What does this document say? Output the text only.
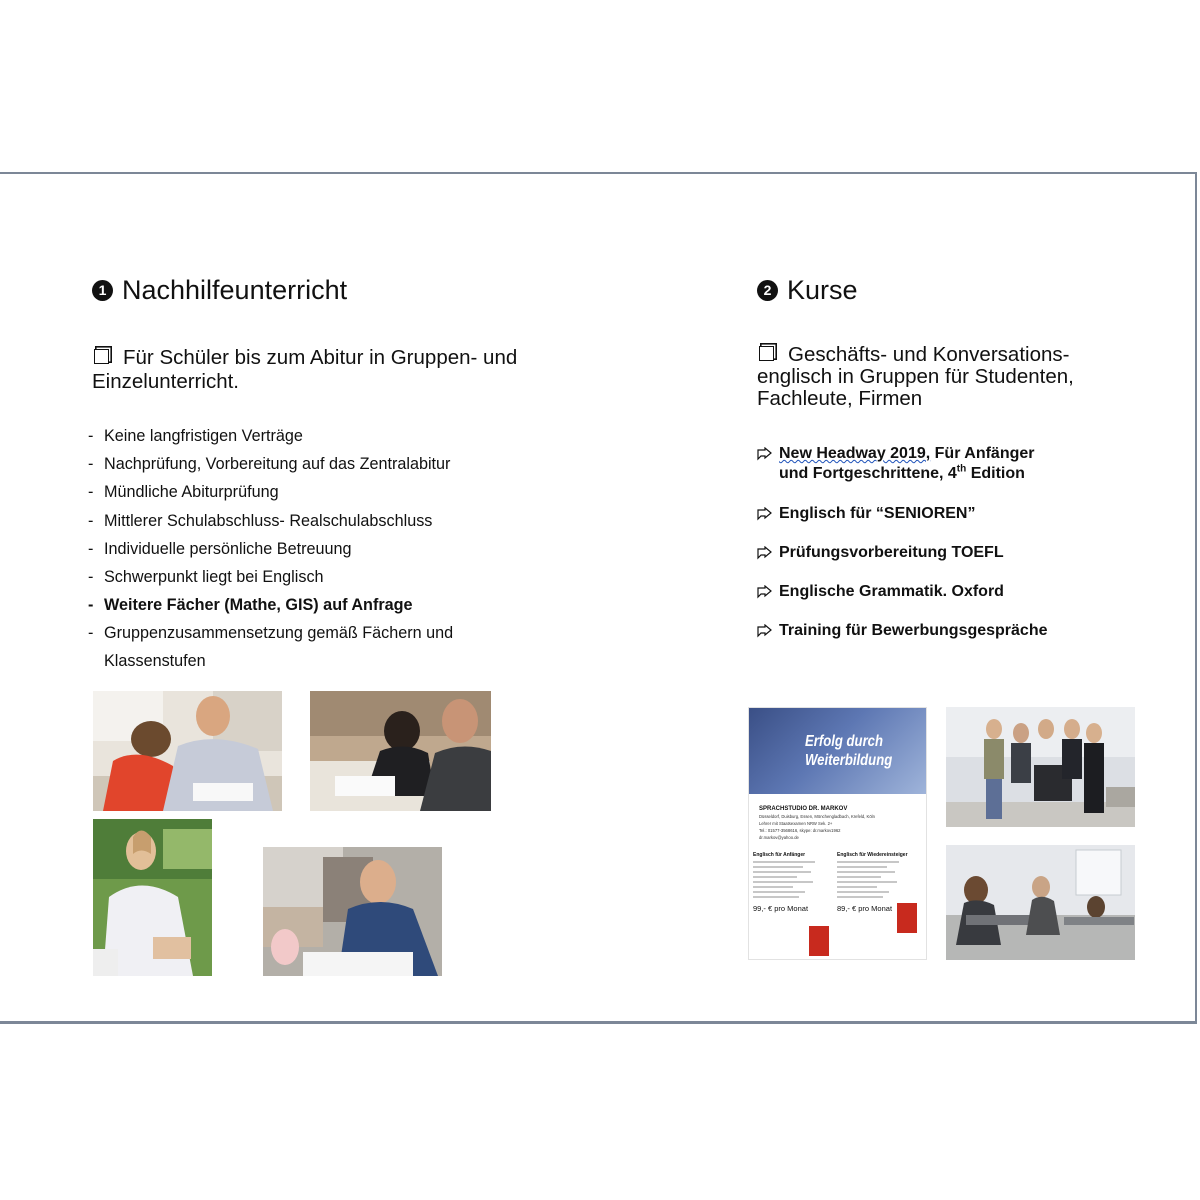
1 Nachhilfeunterricht

Für Schüler bis zum Abitur in Gruppen- und Einzelunterricht.

- Keine langfristigen Verträge
- Nachprüfung, Vorbereitung auf das Zentralabitur
- Mündliche Abiturprüfung
- Mittlerer Schulabschluss- Realschulabschluss
- Individuelle persönliche Betreuung
- Schwerpunkt liegt bei Englisch
- Weitere Fächer (Mathe, GIS) auf Anfrage
- Gruppenzusammensetzung gemäß Fächern und Klassenstufen
2 Kurse

Geschäfts- und Konversations-englisch in Gruppen für Studenten, Fachleute, Firmen

New Headway 2019, Für Anfänger
und Fortgeschrittene, 4th Edition
Englisch für “SENIOREN”
Prüfungsvorbereitung TOEFL
Englische Grammatik. Oxford
Training für Bewerbungsgespräche
Erfolg durch
Weiterbildung
SPRACHSTUDIO DR. MARKOV
Düsseldorf, Duisburg, Essen, Mönchengladbach, Krefeld, Köln
Lehrer mit Staatsexamen NRW Sek. 2+
Tel.: 01577-3568616, skype: dr.markov1962
dr.markov@yahoo.de
Englisch für Anfänger
99,- € pro Monat
Englisch für Wiedereinsteiger
89,- € pro Monat
